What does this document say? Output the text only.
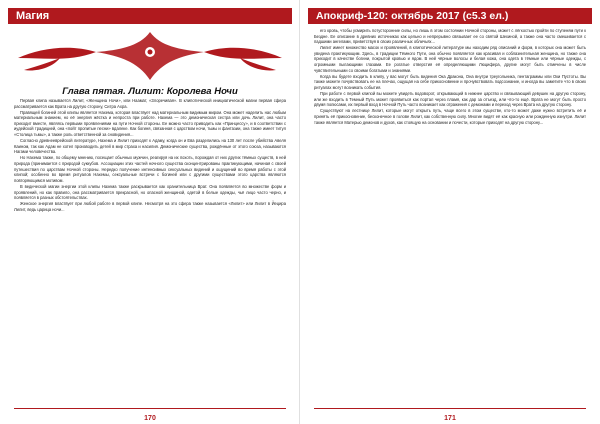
Магия
Глава пятая. Лилит: Королева Ночи

Первая клипа называется Лилит, «Женщина Ночи», или Наамат, «Злоречивая». В клипотической инициатической магии первая сфера рассматривается как Врата на другую сторону, Ситра Ахра.

Правящей богиней этой клипы является Нахема, которая властвует над материальным видимым миром. Она может наделить нас любым материальным знанием, но её энергия жёстка и непроста при работе. Нахема — это демоническая сестра или дочь Лилит, она часто приходит вместе, являясь первыми проявлениями на пути Ночной стороны. Ее можно часто приводить как «Принцессу», и в соответствии с иудейской традицией, она «пойт пропитые песни» вдалеке. Как богиня, связанная с царством ночи, тьмы и фантазии, она также имеет титул «Столица тьмы», а также роль ответственной за сновидения...

Согласно древнееврейской литературе, Нахема и Лилит приходят к Адаму, когда он и Ева разделились на 130 лет после убийства Авеля Каином, так как Адам не хотел производить детей в мир страха и насилия. Демонические существа, рождённые от этого союза, называются Нагами человечества.

Но Нахема также, по общему мнению, посещает обычных мужчин, реагируя на их похоть, порождая от них других тёмных существ, в ней природа (принимается с природой суккубов. Ассоциации этих частей ночного существа сконцентрированы практикующими, начиная с своей путешествия по царствам Ночной стороны. Нередко получение интенсивных сексуальных видений и ощущений во время работы с этой клипой; особенно во время ритуалов Нахемы, сексуальные встречи с богиней или с другими существами этого царства являются повторяющимся мотивом.

В ведической магии энергии этой клипы Нахема также раскрывается как хранительница Врат. Она появляется во множестве форм и проявлений, но как правило, она рассматривается прекрасной, но опасной женщиной, одетой в белые одежды, чьё лицо часто черно, и появляется в разных обстоятельствах.

Женское энергия властвует при любой работе в первой клипе. Несмотря на это сфера также называется «Лилит» или Лилит в Йецира Лилит, ведь царица ночи...

170
Апокриф-120: октябрь 2017 (с5.3 ел.)

его кровь, чтобы усмирить потусторонние силы, но лишь в этом состоянии Ночной стороны, может с лёгкостью пройти по ступеням пути к Бездне. Ее описание в древних источниках как цельно и непрерывно связывает ее со святой Шехиной, а также она часто смешивается с падшими ангелами, приветствуя в своих различных обличьях...

Лилит имеет множество масок и проявлений, в клипотической литературе мы находим ряд описаний и форм, в которых она может быть увидена практикующим. Здесь, в традиции Тёмного Пути, она обычно появляется как красивая и соблазнительная женщина, но также она приходит в качестве богини, покрытой кровью и ядом. В ней чёрные волосы и белая кожа, она одета в тёмные или чёрные одежды, с огромными пылающими глазами. Ее рогатые отверстия её определяющими Люцифера, другие могут быть отмечены в числе чувствительными со своими богатыми и знаниями.

Когда вы будете входить в клипу, у вас могут быть видения Ока Дракона, Она внутри треугольника, пентаграммы или Оки Пустоты. Вы также можете почувствовать ее на плечах, ощущая на себе прикосновение и прочувствовать подсознание, и иногда вы заметите что в своих ритуалах могут возникать события.

При работе с первой клипой вы можете увидеть водоворот, открывающий в нижнее царство и связывающий девушек на другую сторону, или же входить в Темный Путь может проявиться как портал через пламя, как дар за отъезд, или что-то ещё. Врата не могут быть просто двумя полюсами, их первый вход в Ночной Путь часто возникает как отражения с демонами и переход через Врата на другую сторону.

Существуют на лестнице Лилит, которые могут открыть путь, чаще всего в этом существе, кто-то может даже нужно встретить её и принять её прикосновение, бесконечное в голове Лилит, как собственную силу. Многие видят её как красную или рожденную изнутри. Лилит также является Матерью демонов и духов, как стоящую на основании и почести, которые приходят на другую сторону...

171
